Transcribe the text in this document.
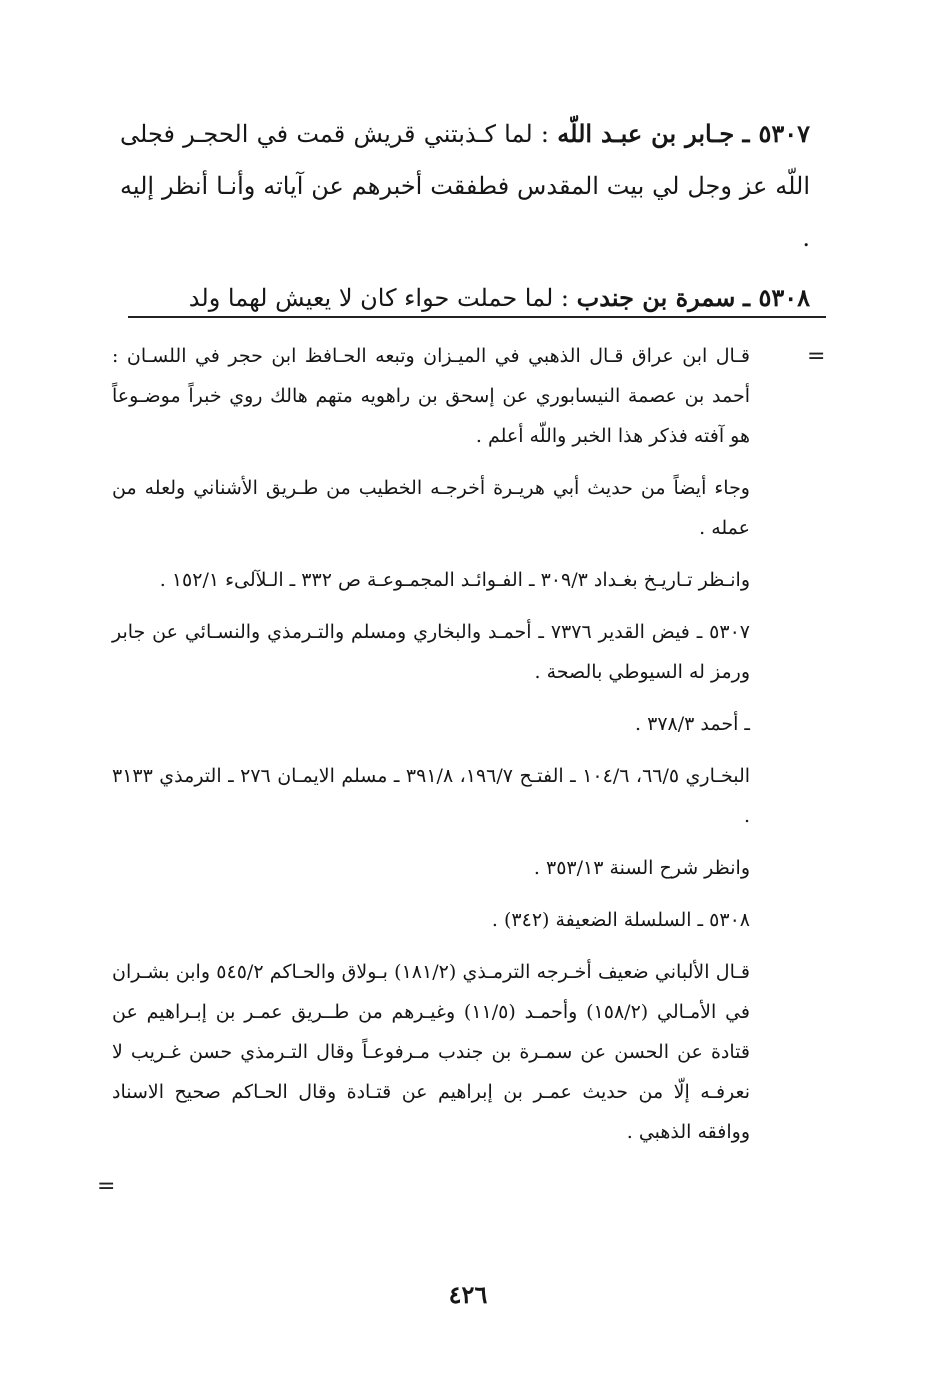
٥٣٠٧ ـ جـابر بن عبـد اللّه : لما كـذبتني قريش قمت في الحجـر فجلى اللّه عز وجل لي بيت المقدس فطفقت أخبرهم عن آياته وأنـا أنظر إليه .

٥٣٠٨ ـ سمرة بن جندب : لما حملت حواء كان لا يعيش لهما ولد

=

قـال ابن عراق قـال الذهبي في الميـزان وتبعه الحـافظ ابن حجر في اللسـان : أحمد بن عصمة النيسابوري عن إسحق بن راهويه متهم هالك روي خبراً موضـوعاً هو آفته فذكر هذا الخبر واللّه أعلم .

وجاء أيضاً من حديث أبي هريـرة أخرجـه الخطيب من طـريق الأشناني ولعله من عمله .

وانـظر تـاريـخ بغـداد ٣٠٩/٣ ـ الفـوائـد المجمـوعـة ص ٣٣٢ ـ الـلآلىء ١٥٢/١ .

٥٣٠٧ ـ فيض القدير ٧٣٧٦ ـ أحمـد والبخاري ومسلم والتـرمذي والنسـائي عن جابر ورمز له السيوطي بالصحة .

ـ أحمد ٣٧٨/٣ .

البخـاري ٦٦/٥، ١٠٤/٦ ـ الفتـح ١٩٦/٧، ٣٩١/٨ ـ مسلم الايمـان ٢٧٦ ـ الترمذي ٣١٣٣ .

وانظر شرح السنة ٣٥٣/١٣ .

٥٣٠٨ ـ السلسلة الضعيفة (٣٤٢) .

قـال الألباني ضعيف أخـرجه الترمـذي (١٨١/٢) بـولاق والحـاكم ٥٤٥/٢ وابن بشـران في الأمـالي (١٥٨/٢) وأحمـد (١١/٥) وغيـرهم من طــريق عمـر بن إبـراهيم عن قتادة عن الحسن عن سمـرة بن جندب مـرفوعـاً وقال التـرمذي حسن غـريب لا نعرفـه إلّا من حديث عمـر بن إبراهيم عن قتـادة وقال الحـاكم صحيح الاسناد ووافقه الذهبي .

=
٤٢٦
